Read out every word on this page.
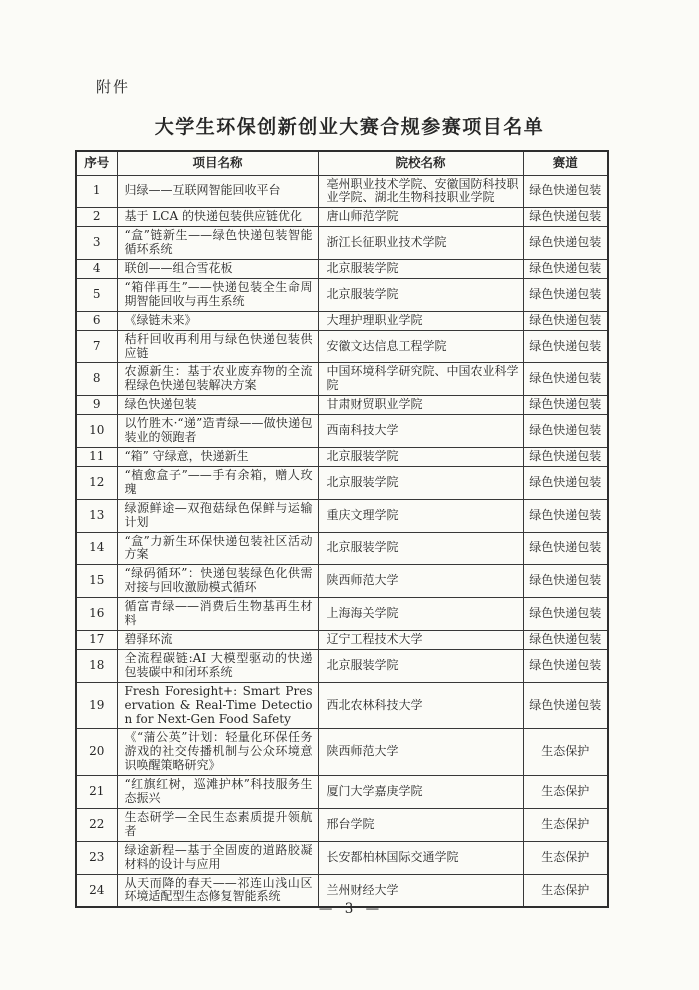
附件
大学生环保创新创业大赛合规参赛项目名单
序号	项目名称	院校名称	赛道
1	归绿——互联网智能回收平台	亳州职业技术学院、安徽国防科技职业学院、湖北生物科技职业学院	绿色快递包装
2	基于 LCA 的快递包装供应链优化	唐山师范学院	绿色快递包装
3	“盒”链新生——绿色快递包装智能循环系统	浙江长征职业技术学院	绿色快递包装
4	联创——组合雪花板	北京服装学院	绿色快递包装
5	“箱伴再生”——快递包装全生命周期智能回收与再生系统	北京服装学院	绿色快递包装
6	《绿链未来》	大理护理职业学院	绿色快递包装
7	秸秆回收再利用与绿色快递包装供应链	安徽文达信息工程学院	绿色快递包装
8	农源新生：基于农业废弃物的全流程绿色快递包装解决方案	中国环境科学研究院、中国农业科学院	绿色快递包装
9	绿色快递包装	甘肃财贸职业学院	绿色快递包装
10	以竹胜木·“递”造青绿——做快递包装业的领跑者	西南科技大学	绿色快递包装
11	“箱” 守绿意，快递新生	北京服装学院	绿色快递包装
12	“植愈盒子”——手有余箱，赠人玫瑰	北京服装学院	绿色快递包装
13	绿源鲜途—双孢菇绿色保鲜与运输计划	重庆文理学院	绿色快递包装
14	“盒”力新生环保快递包装社区活动方案	北京服装学院	绿色快递包装
15	“绿码循环”：快递包装绿色化供需对接与回收激励模式循环	陕西师范大学	绿色快递包装
16	循富青绿——消费后生物基再生材料	上海海关学院	绿色快递包装
17	碧驿环流	辽宁工程技术大学	绿色快递包装
18	全流程碳链:AI 大模型驱动的快递包装碳中和闭环系统	北京服装学院	绿色快递包装
19	Fresh Foresight+: Smart Preservation & Real-Time Detection for Next-Gen Food Safety	西北农林科技大学	绿色快递包装
20	《“蒲公英”计划：轻量化环保任务游戏的社交传播机制与公众环境意识唤醒策略研究》	陕西师范大学	生态保护
21	“红旗红树，巡滩护林”科技服务生态振兴	厦门大学嘉庚学院	生态保护
22	生态研学—全民生态素质提升领航者	邢台学院	生态保护
23	绿途新程—基于全固废的道路胶凝材料的设计与应用	长安都柏林国际交通学院	生态保护
24	从天而降的春天——祁连山浅山区环境适配型生态修复智能系统	兰州财经大学	生态保护
— 3 —
